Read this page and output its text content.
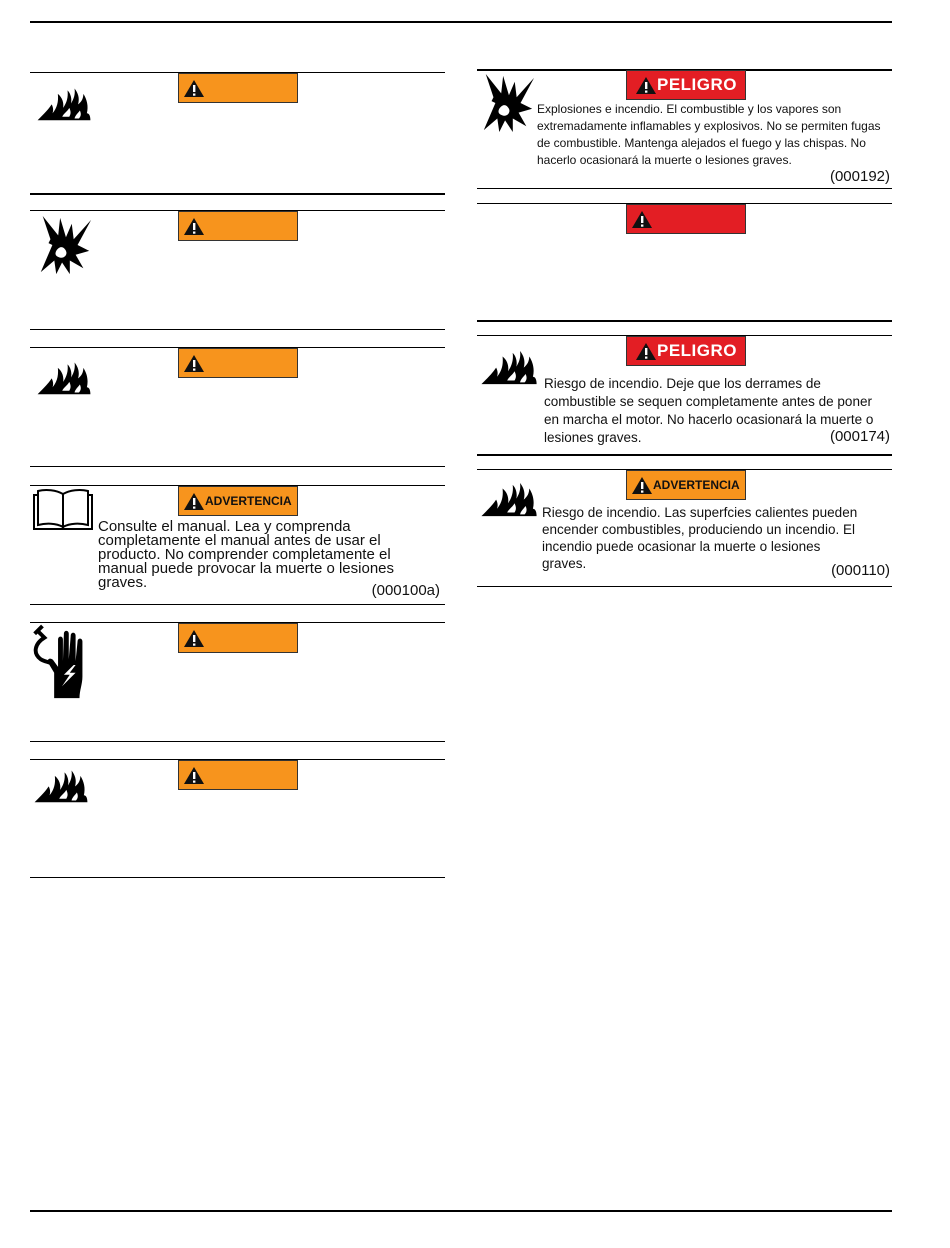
ADVERTENCIA
Consulte el manual. Lea y comprenda completamente el manual antes de usar el producto. No comprender completamente el manual puede provocar la muerte o lesiones graves.	(000100a)
PELIGRO
Explosiones e incendio. El combustible y los vapores son extremadamente inflamables y explosivos. No se permiten fugas de combustible. Mantenga alejados el fuego y las chispas. No hacerlo ocasionará la muerte o lesiones graves.
(000192)
PELIGRO
Riesgo de incendio. Deje que los derrames de combustible se sequen completamente antes de poner en marcha el motor. No hacerlo ocasionará la muerte o lesiones graves.	(000174)
ADVERTENCIA
Riesgo de incendio. Las superfcies calientes pueden encender combustibles, produciendo un incendio. El incendio puede ocasionar la muerte o lesiones graves.	(000110)
